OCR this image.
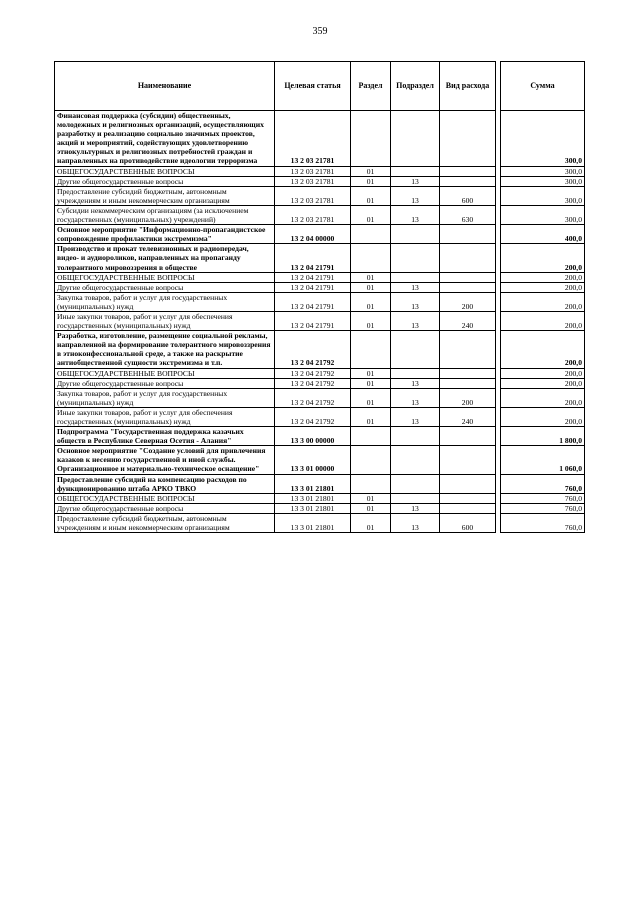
359
Наименование	Целевая статья	Раздел	Подраздел	Вид расхода		Сумма
Финансовая поддержка (субсидии) общественных, молодежных и религиозных организаций, осуществляющих разработку и реализацию социально значимых проектов, акций и мероприятий, содействующих удовлетворению этнокультурных и религиозных потребностей граждан и направленных на противодействие идеологии терроризма	13 2 03 21781					300,0
ОБЩЕГОСУДАРСТВЕННЫЕ ВОПРОСЫ	13 2 03 21781	01				300,0
Другие общегосударственные вопросы	13 2 03 21781	01	13			300,0
Предоставление субсидий бюджетным, автономным учреждениям и иным некоммерческим организациям	13 2 03 21781	01	13	600		300,0
Субсидии некоммерческим организациям (за исключением государственных (муниципальных) учреждений)	13 2 03 21781	01	13	630		300,0
Основное мероприятие "Информационно-пропагандистское сопровождение профилактики экстремизма"	13 2 04 00000					400,0
Производство и прокат телевизионных и радиопередач, видео- и аудиороликов, направленных на пропаганду толерантного мировоззрения в обществе	13 2 04 21791					200,0
ОБЩЕГОСУДАРСТВЕННЫЕ ВОПРОСЫ	13 2 04 21791	01				200,0
Другие общегосударственные вопросы	13 2 04 21791	01	13			200,0
Закупка товаров, работ и услуг для государственных (муниципальных) нужд	13 2 04 21791	01	13	200		200,0
Иные закупки товаров, работ и услуг для обеспечения государственных (муниципальных) нужд	13 2 04 21791	01	13	240		200,0
Разработка, изготовление, размещение социальной рекламы, направленной на формирование толерантного мировоззрения в этноконфессиональной среде, а также на раскрытие антиобщественной сущности экстремизма и т.п.	13 2 04 21792					200,0
ОБЩЕГОСУДАРСТВЕННЫЕ ВОПРОСЫ	13 2 04 21792	01				200,0
Другие общегосударственные вопросы	13 2 04 21792	01	13			200,0
Закупка товаров, работ и услуг для государственных (муниципальных) нужд	13 2 04 21792	01	13	200		200,0
Иные закупки товаров, работ и услуг для обеспечения государственных (муниципальных) нужд	13 2 04 21792	01	13	240		200,0
Подпрограмма "Государственная поддержка казачьих обществ в Республике Северная Осетия - Алания"	13 3 00 00000					1 800,0
Основное мероприятие "Создание условий для привлечения казаков к несению государственной и иной службы. Организационное и материально-техническое оснащение"	13 3 01 00000					1 060,0
Предоставление субсидий на компенсацию расходов по функционированию штаба АРКО ТВКО	13 3 01 21801					760,0
ОБЩЕГОСУДАРСТВЕННЫЕ ВОПРОСЫ	13 3 01 21801	01				760,0
Другие общегосударственные вопросы	13 3 01 21801	01	13			760,0
Предоставление субсидий бюджетным, автономным учреждениям и иным некоммерческим организациям	13 3 01 21801	01	13	600		760,0
